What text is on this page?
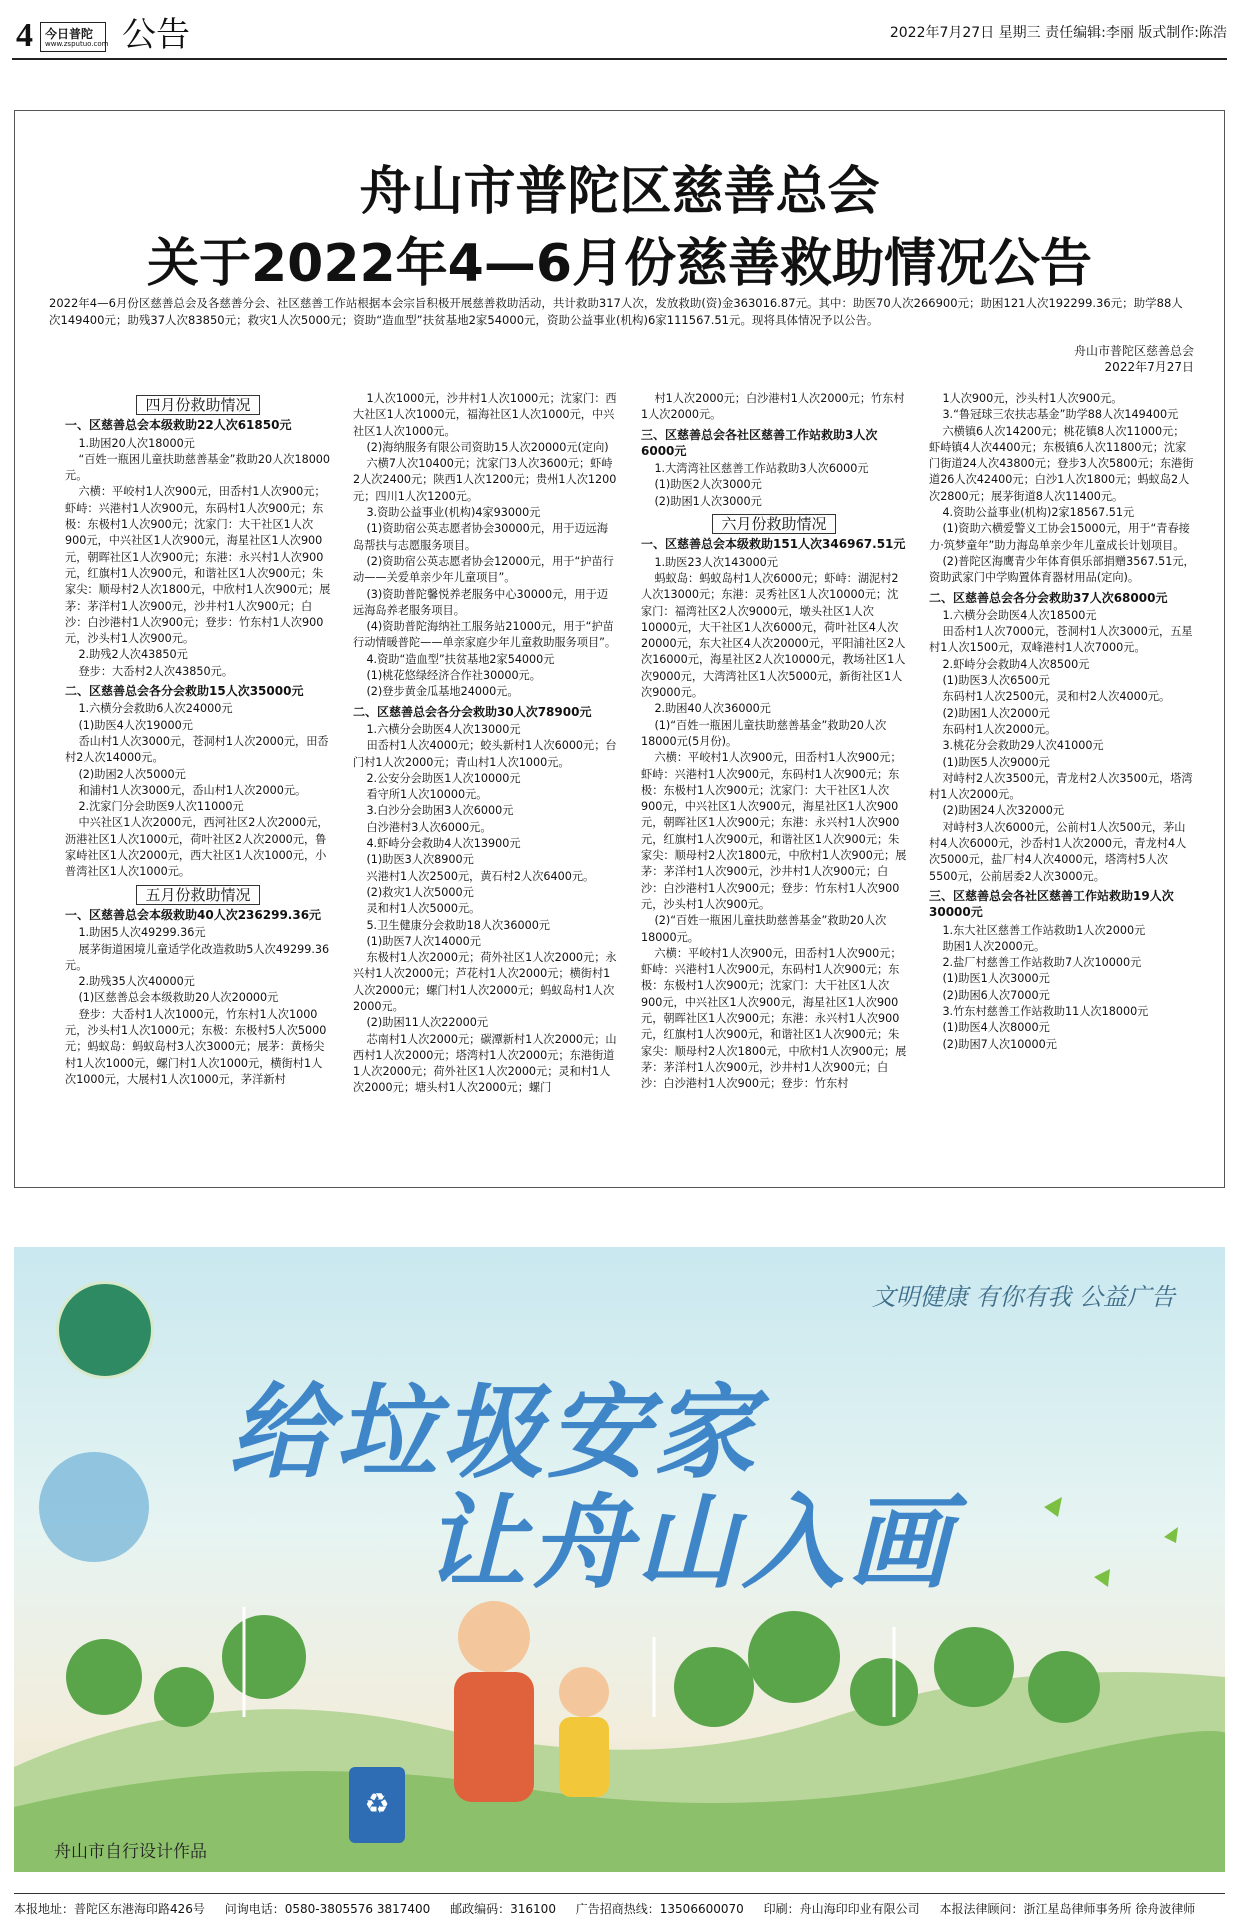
4 今日普陀
www.zsputuo.com 公告	2022年7月27日 星期三 责任编辑:李丽 版式制作:陈浩
舟山市普陀区慈善总会
关于2022年4—6月份慈善救助情况公告
2022年4—6月份区慈善总会及各慈善分会、社区慈善工作站根据本会宗旨积极开展慈善救助活动，共计救助317人次，发放救助(资)金363016.87元。其中：助医70人次266900元；助困121人次192299.36元；助学88人次149400元；助残37人次83850元；救灾1人次5000元；资助“造血型”扶贫基地2家54000元，资助公益事业(机构)6家111567.51元。现将具体情况予以公告。
舟山市普陀区慈善总会
2022年7月27日

四月份救助情况

一、区慈善总会本级救助22人次61850元

1.助困20人次18000元

“百姓一瓶困儿童扶助慈善基金”救助20人次18000元。

六横：平峧村1人次900元，田岙村1人次900元；虾峙：兴港村1人次900元，东码村1人次900元；东极：东极村1人次900元；沈家门：大干社区1人次900元，中兴社区1人次900元，海星社区1人次900元，朝晖社区1人次900元；东港：永兴村1人次900元，红旗村1人次900元，和谐社区1人次900元；朱家尖：顺母村2人次1800元，中欣村1人次900元；展茅：茅洋村1人次900元，沙井村1人次900元；白沙：白沙港村1人次900元；登步：竹东村1人次900元，沙头村1人次900元。

2.助残2人次43850元

登步：大岙村2人次43850元。

二、区慈善总会各分会救助15人次35000元

1.六横分会救助6人次24000元

(1)助医4人次19000元

岙山村1人次3000元，苍洞村1人次2000元，田岙村2人次14000元。

(2)助困2人次5000元

和浦村1人次3000元，岙山村1人次2000元。

2.沈家门分会助医9人次11000元

中兴社区1人次2000元，西河社区2人次2000元，沥港社区1人次1000元，荷叶社区2人次2000元，鲁家峙社区1人次2000元，西大社区1人次1000元，小普湾社区1人次1000元。

五月份救助情况

一、区慈善总会本级救助40人次236299.36元

1.助困5人次49299.36元

展茅街道困境儿童适学化改造救助5人次49299.36元。

2.助残35人次40000元

(1)区慈善总会本级救助20人次20000元

登步：大岙村1人次1000元，竹东村1人次1000元，沙头村1人次1000元；东极：东极村5人次5000元；蚂蚁岛：蚂蚁岛村3人次3000元；展茅：黄杨尖村1人次1000元，螺门村1人次1000元，横街村1人次1000元，大展村1人次1000元，茅洋新村

1人次1000元，沙井村1人次1000元；沈家门：西大社区1人次1000元，福海社区1人次1000元，中兴社区1人次1000元。

(2)海纳服务有限公司资助15人次20000元(定向)

六横7人次10400元；沈家门3人次3600元；虾峙2人次2400元；陕西1人次1200元；贵州1人次1200元；四川1人次1200元。

3.资助公益事业(机构)4家93000元

(1)资助宿公英志愿者协会30000元，用于迈远海岛帮扶与志愿服务项目。

(2)资助宿公英志愿者协会12000元，用于“护苗行动——关爱单亲少年儿童项目”。

(3)资助普陀馨悦养老服务中心30000元，用于迈远海岛养老服务项目。

(4)资助普陀海纳社工服务站21000元，用于“护苗行动情暖普陀——单亲家庭少年儿童救助服务项目”。

4.资助“造血型”扶贫基地2家54000元

(1)桃花悠绿经济合作社30000元。

(2)登步黄金瓜基地24000元。

二、区慈善总会各分会救助30人次78900元

1.六横分会助医4人次13000元

田岙村1人次4000元；蛟头新村1人次6000元；台门村1人次2000元；青山村1人次1000元。

2.公安分会助医1人次10000元

看守所1人次10000元。

3.白沙分会助困3人次6000元

白沙港村3人次6000元。

4.虾峙分会救助4人次13900元

(1)助医3人次8900元

兴港村1人次2500元，黄石村2人次6400元。

(2)救灾1人次5000元

灵和村1人次5000元。

5.卫生健康分会救助18人次36000元

(1)助医7人次14000元

东极村1人次2000元；荷外社区1人次2000元；永兴村1人次2000元；芦花村1人次2000元；横街村1人次2000元；螺门村1人次2000元；蚂蚁岛村1人次2000元。

(2)助困11人次22000元

芯南村1人次2000元；碳潭新村1人次2000元；山西村1人次2000元；塔湾村1人次2000元；东港街道1人次2000元；荷外社区1人次2000元；灵和村1人次2000元；塘头村1人次2000元；螺门

村1人次2000元；白沙港村1人次2000元；竹东村1人次2000元。

三、区慈善总会各社区慈善工作站救助3人次6000元

1.大湾湾社区慈善工作站救助3人次6000元

(1)助医2人次3000元

(2)助困1人次3000元

六月份救助情况

一、区慈善总会本级救助151人次346967.51元

1.助医23人次143000元

蚂蚁岛：蚂蚁岛村1人次6000元；虾峙：湖泥村2人次13000元；东港：灵秀社区1人次10000元；沈家门：福湾社区2人次9000元，墩头社区1人次10000元，大干社区1人次6000元，荷叶社区4人次20000元，东大社区4人次20000元，平阳浦社区2人次16000元，海星社区2人次10000元，教场社区1人次9000元，大湾湾社区1人次5000元，新街社区1人次9000元。

2.助困40人次36000元

(1)“百姓一瓶困儿童扶助慈善基金”救助20人次18000元(5月份)。

六横：平峧村1人次900元，田岙村1人次900元；虾峙：兴港村1人次900元，东码村1人次900元；东极：东极村1人次900元；沈家门：大干社区1人次900元，中兴社区1人次900元，海星社区1人次900元，朝晖社区1人次900元；东港：永兴村1人次900元，红旗村1人次900元，和谐社区1人次900元；朱家尖：顺母村2人次1800元，中欣村1人次900元；展茅：茅洋村1人次900元，沙井村1人次900元；白沙：白沙港村1人次900元；登步：竹东村1人次900元，沙头村1人次900元。

(2)“百姓一瓶困儿童扶助慈善基金”救助20人次18000元。

六横：平峧村1人次900元，田岙村1人次900元；虾峙：兴港村1人次900元，东码村1人次900元；东极：东极村1人次900元；沈家门：大干社区1人次900元，中兴社区1人次900元，海星社区1人次900元，朝晖社区1人次900元；东港：永兴村1人次900元，红旗村1人次900元，和谐社区1人次900元；朱家尖：顺母村2人次1800元，中欣村1人次900元；展茅：茅洋村1人次900元，沙井村1人次900元；白沙：白沙港村1人次900元；登步：竹东村

1人次900元，沙头村1人次900元。

3.“鲁冠球三农扶志基金”助学88人次149400元

六横镇6人次14200元；桃花镇8人次11000元；虾峙镇4人次4400元；东极镇6人次11800元；沈家门街道24人次43800元；登步3人次5800元；东港街道26人次42400元；白沙1人次1800元；蚂蚁岛2人次2800元；展茅街道8人次11400元。

4.资助公益事业(机构)2家18567.51元

(1)资助六横爱警义工协会15000元，用于“青春接力·筑梦童年”助力海岛单亲少年儿童成长计划项目。

(2)普陀区海鹰青少年体育俱乐部捐赠3567.51元，资助武家门中学购置体育器材用品(定向)。

二、区慈善总会各分会救助37人次68000元

1.六横分会助医4人次18500元

田岙村1人次7000元，苍洞村1人次3000元，五星村1人次1500元，双峰港村1人次7000元。

2.虾峙分会救助4人次8500元

(1)助医3人次6500元

东码村1人次2500元，灵和村2人次4000元。

(2)助困1人次2000元

东码村1人次2000元。

3.桃花分会救助29人次41000元

(1)助医5人次9000元

对峙村2人次3500元，青龙村2人次3500元，塔湾村1人次2000元。

(2)助困24人次32000元

对峙村3人次6000元，公前村1人次500元，茅山村4人次6000元，沙岙村1人次2000元，青龙村4人次5000元，盐厂村4人次4000元，塔湾村5人次5500元，公前居委2人次3000元。

三、区慈善总会各社区慈善工作站救助19人次30000元

1.东大社区慈善工作站救助1人次2000元

助困1人次2000元。

2.盐厂村慈善工作站救助7人次10000元

(1)助医1人次3000元

(2)助困6人次7000元

3.竹东村慈善工作站救助11人次18000元

(1)助医4人次8000元

(2)助困7人次10000元

♻
文明健康 有你有我 公益广告
给垃圾安家
让舟山入画
舟山市自行设计作品
本报地址：普陀区东港海印路426号 问询电话：0580-3805576 3817400 邮政编码：316100 广告招商热线：13506600070 印刷：舟山海印印业有限公司 本报法律顾问：浙江星岛律师事务所 徐舟波律师
